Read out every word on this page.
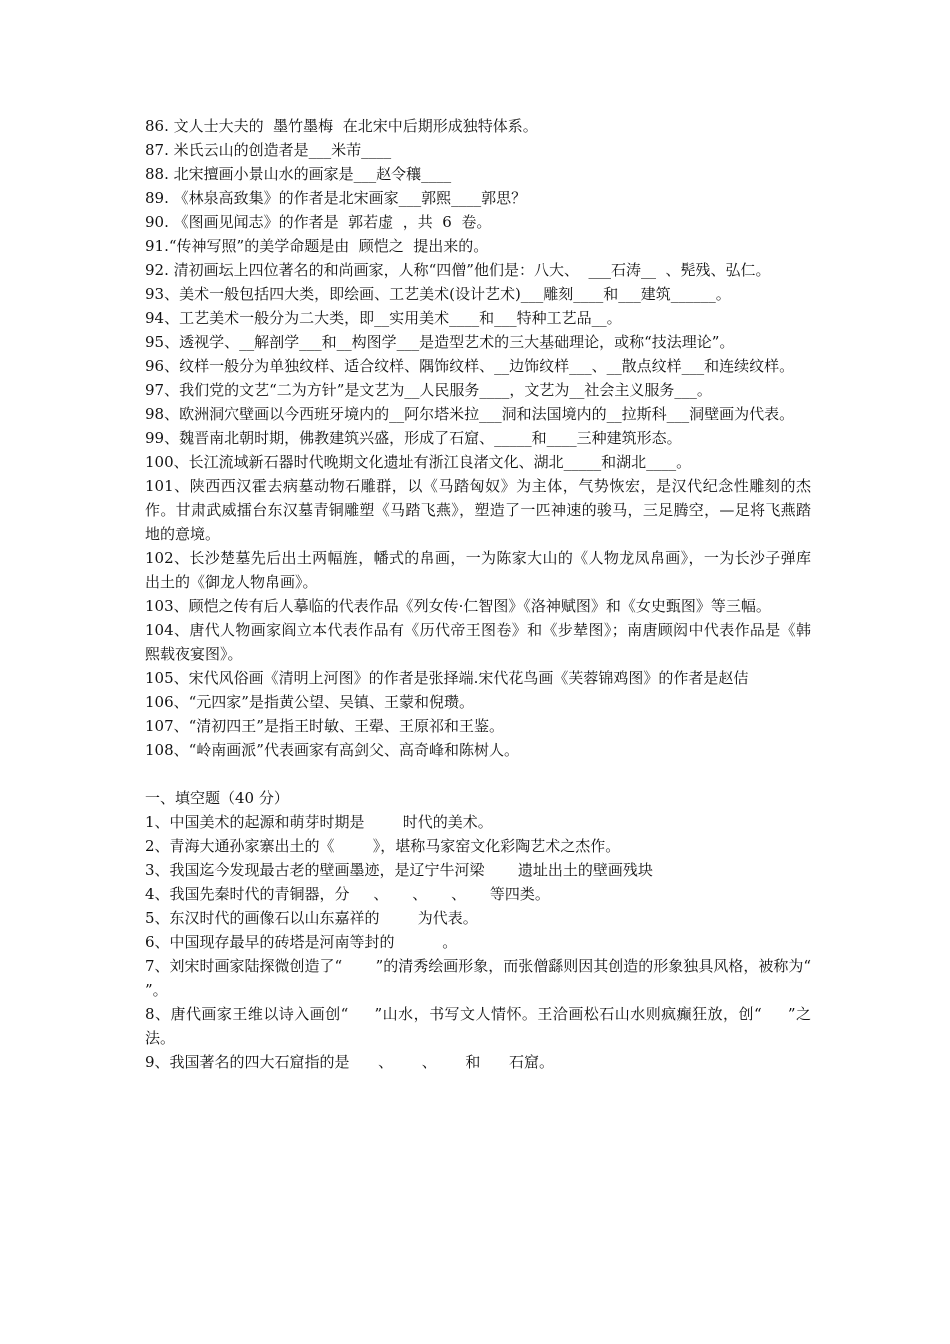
86. 文人士大夫的  墨竹墨梅  在北宋中后期形成独特体系。
87. 米氏云山的创造者是___米芾____
88. 北宋擅画小景山水的画家是___赵令穰____
89. 《林泉高致集》的作者是北宋画家___郭熙____郭思？
90. 《图画见闻志》的作者是  郭若虚  ，共  6  卷。
91.“传神写照”的美学命题是由  顾恺之  提出来的。
92. 清初画坛上四位著名的和尚画家，人称“四僧”他们是：八大、  ___石涛__  、髡残、弘仁。
93、美术一般包括四大类，即绘画、工艺美术(设计艺术)___雕刻____和___建筑______。
94、工艺美术一般分为二大类，即__实用美术____和___特种工艺品__。
95、透视学、__解剖学___和__构图学___是造型艺术的三大基础理论，或称“技法理论”。
96、纹样一般分为单独纹样、适合纹样、隅饰纹样、__边饰纹样___、__散点纹样___和连续纹样。
97、我们党的文艺“二为方针”是文艺为__人民服务____，文艺为__社会主义服务___。
98、欧洲洞穴壁画以今西班牙境内的__阿尔塔米拉___洞和法国境内的__拉斯科___洞壁画为代表。
99、魏晋南北朝时期，佛教建筑兴盛，形成了石窟、_____和____三种建筑形态。
100、长江流域新石器时代晚期文化遗址有浙江良渚文化、湖北_____和湖北____。
101、陕西西汉霍去病墓动物石雕群，以《马踏匈奴》为主体，气势恢宏，是汉代纪念性雕刻的杰作。甘肃武威擂台东汉墓青铜雕塑《马踏飞燕》，塑造了一匹神速的骏马，三足腾空，—足将飞燕踏地的意境。
102、长沙楚墓先后出土两幅旌，幡式的帛画，一为陈家大山的《人物龙凤帛画》，一为长沙子弹库出土的《御龙人物帛画》。
103、顾恺之传有后人摹临的代表作品《列女传·仁智图》《洛神赋图》和《女史甄图》等三幅。
104、唐代人物画家阎立本代表作品有《历代帝王图卷》和《步辇图》；南唐顾闳中代表作品是《韩熙载夜宴图》。
105、宋代风俗画《清明上河图》的作者是张择端.宋代花鸟画《芙蓉锦鸡图》的作者是赵佶
106、“元四家”是指黄公望、吴镇、王蒙和倪瓒。
107、“清初四王”是指王时敏、王翚、王原祁和王鉴。
108、“岭南画派”代表画家有高剑父、高奇峰和陈树人。
一、填空题（40 分）
1、中国美术的起源和萌芽时期是        时代的美术。
2、青海大通孙家寨出土的《        》，堪称马家窑文化彩陶艺术之杰作。
3、我国迄今发现最古老的壁画墨迹，是辽宁牛河梁       遗址出土的壁画残块
4、我国先秦时代的青铜器，分     、     、     、     等四类。
5、东汉时代的画像石以山东嘉祥的        为代表。
6、中国现存最早的砖塔是河南等封的          。
7、刘宋时画家陆探微创造了“       ”的清秀绘画形象，而张僧繇则因其创造的形象独具风格，被称为“      ”。
8、唐代画家王维以诗入画创“     ”山水，书写文人情怀。王洽画松石山水则疯癫狂放，创“     ”之法。
9、我国著名的四大石窟指的是      、      、      和      石窟。
